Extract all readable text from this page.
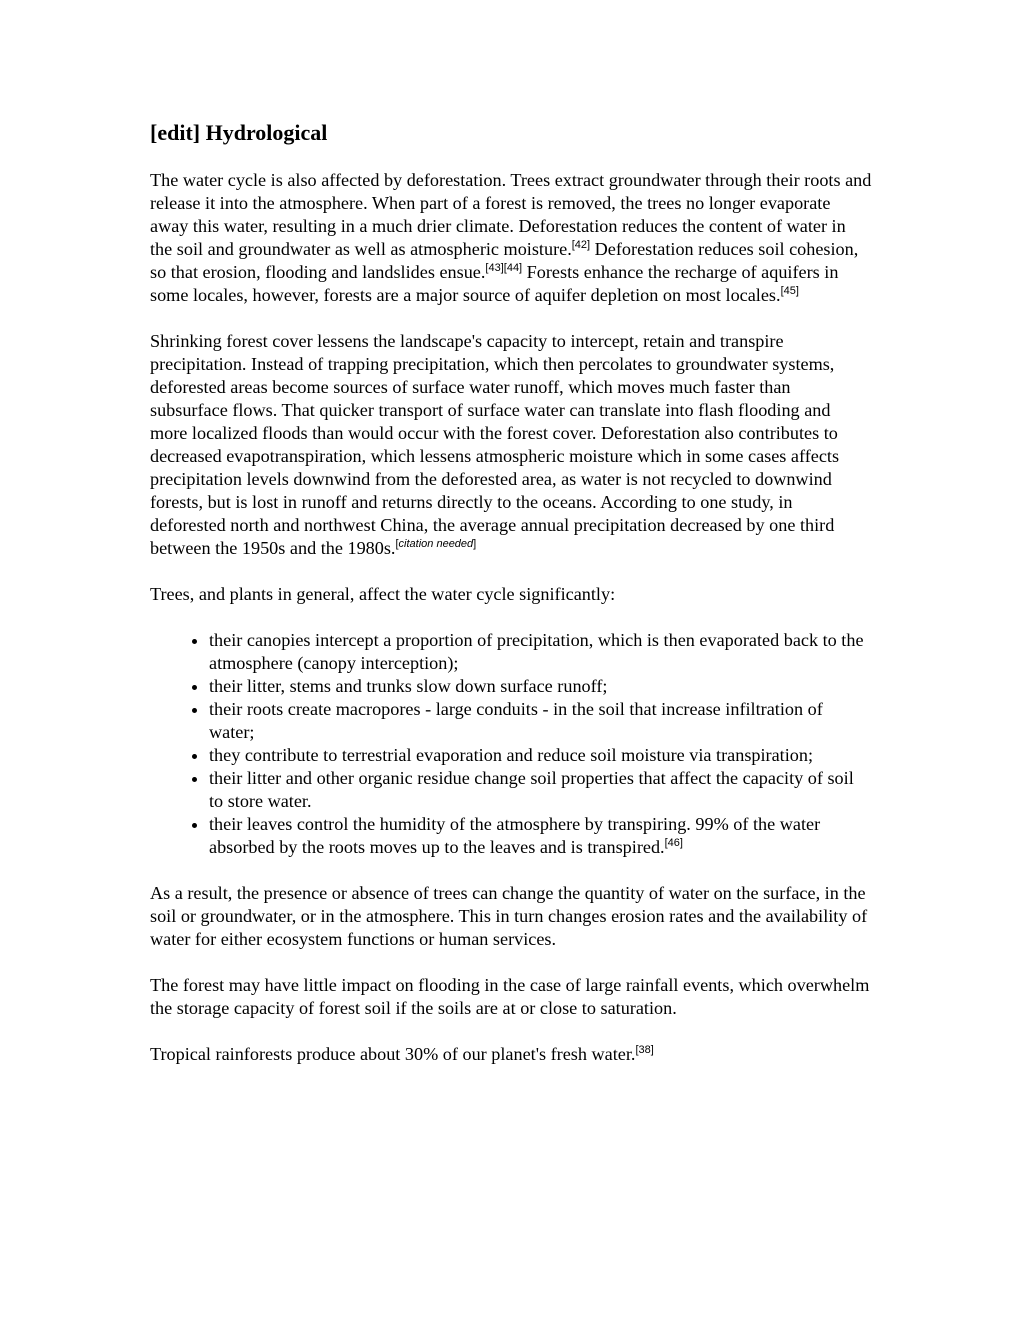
[edit] Hydrological

The water cycle is also affected by deforestation. Trees extract groundwater through their roots and release it into the atmosphere. When part of a forest is removed, the trees no longer evaporate away this water, resulting in a much drier climate. Deforestation reduces the content of water in the soil and groundwater as well as atmospheric moisture.[42] Deforestation reduces soil cohesion, so that erosion, flooding and landslides ensue.[43][44] Forests enhance the recharge of aquifers in some locales, however, forests are a major source of aquifer depletion on most locales.[45]

Shrinking forest cover lessens the landscape's capacity to intercept, retain and transpire precipitation. Instead of trapping precipitation, which then percolates to groundwater systems, deforested areas become sources of surface water runoff, which moves much faster than subsurface flows. That quicker transport of surface water can translate into flash flooding and more localized floods than would occur with the forest cover. Deforestation also contributes to decreased evapotranspiration, which lessens atmospheric moisture which in some cases affects precipitation levels downwind from the deforested area, as water is not recycled to downwind forests, but is lost in runoff and returns directly to the oceans. According to one study, in deforested north and northwest China, the average annual precipitation decreased by one third between the 1950s and the 1980s.[citation needed]

Trees, and plants in general, affect the water cycle significantly:

• their canopies intercept a proportion of precipitation, which is then evaporated back to the atmosphere (canopy interception);
• their litter, stems and trunks slow down surface runoff;
• their roots create macropores - large conduits - in the soil that increase infiltration of water;
• they contribute to terrestrial evaporation and reduce soil moisture via transpiration;
• their litter and other organic residue change soil properties that affect the capacity of soil to store water.
• their leaves control the humidity of the atmosphere by transpiring. 99% of the water absorbed by the roots moves up to the leaves and is transpired.[46]

As a result, the presence or absence of trees can change the quantity of water on the surface, in the soil or groundwater, or in the atmosphere. This in turn changes erosion rates and the availability of water for either ecosystem functions or human services.

The forest may have little impact on flooding in the case of large rainfall events, which overwhelm the storage capacity of forest soil if the soils are at or close to saturation.

Tropical rainforests produce about 30% of our planet's fresh water.[38]
